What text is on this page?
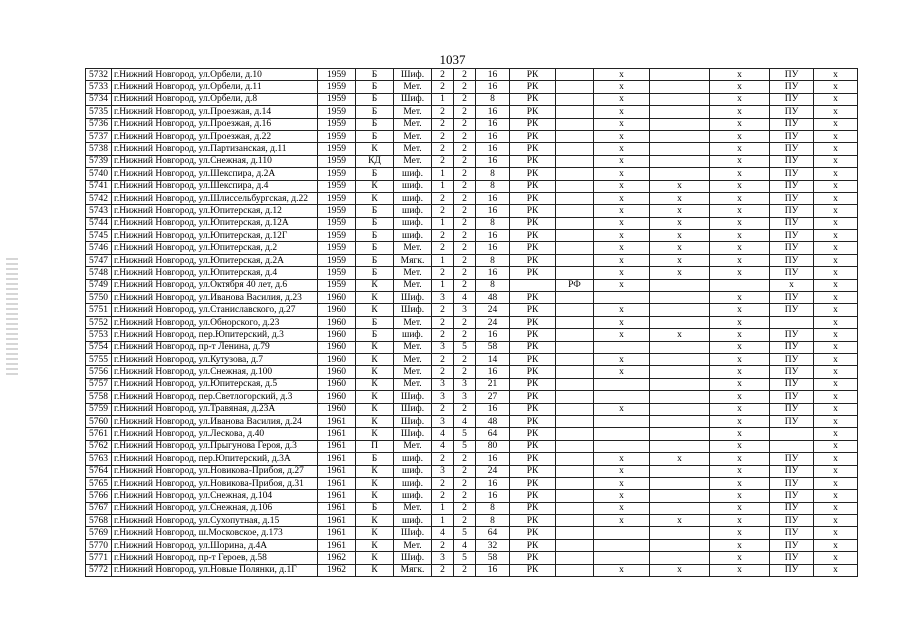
1037
5732	г.Нижний Новгород, ул.Орбели, д.10	1959	Б	Шиф.	2	2	16	РК		x		x	ПУ	x
5733	г.Нижний Новгород, ул.Орбели, д.11	1959	Б	Мет.	2	2	16	РК		x		x	ПУ	x
5734	г.Нижний Новгород, ул.Орбели, д.8	1959	Б	Шиф.	1	2	8	РК		x		x	ПУ	x
5735	г.Нижний Новгород, ул.Проезжая, д.14	1959	Б	Мет.	2	2	16	РК		x		x	ПУ	x
5736	г.Нижний Новгород, ул.Проезжая, д.16	1959	Б	Мет.	2	2	16	РК		x		x	ПУ	x
5737	г.Нижний Новгород, ул.Проезжая, д.22	1959	Б	Мет.	2	2	16	РК		x		x	ПУ	x
5738	г.Нижний Новгород, ул.Партизанская, д.11	1959	К	Мет.	2	2	16	РК		x		x	ПУ	x
5739	г.Нижний Новгород, ул.Снежная, д.110	1959	КД	Мет.	2	2	16	РК		x		x	ПУ	x
5740	г.Нижний Новгород, ул.Шекспира, д.2А	1959	Б	шиф.	1	2	8	РК		x		x	ПУ	x
5741	г.Нижний Новгород, ул.Шекспира, д.4	1959	К	шиф.	1	2	8	РК		x	x	x	ПУ	x
5742	г.Нижний Новгород, ул.Шлиссельбургская, д.22	1959	К	шиф.	2	2	16	РК		x	x	x	ПУ	x
5743	г.Нижний Новгород, ул.Юпитерская, д.12	1959	Б	шиф.	2	2	16	РК		x	x	x	ПУ	x
5744	г.Нижний Новгород, ул.Юпитерская, д.12А	1959	Б	шиф.	1	2	8	РК		x	x	x	ПУ	x
5745	г.Нижний Новгород, ул.Юпитерская, д.12Г	1959	Б	шиф.	2	2	16	РК		x	x	x	ПУ	x
5746	г.Нижний Новгород, ул.Юпитерская, д.2	1959	Б	Мет.	2	2	16	РК		x	x	x	ПУ	x
5747	г.Нижний Новгород, ул.Юпитерская, д.2А	1959	Б	Мягк.	1	2	8	РК		x	x	x	ПУ	x
5748	г.Нижний Новгород, ул.Юпитерская, д.4	1959	Б	Мет.	2	2	16	РК		x	x	x	ПУ	x
5749	г.Нижний Новгород, ул.Октября 40 лет, д.6	1959	К	Мет.	1	2	8		РФ	x			x	x
5750	г.Нижний Новгород, ул.Иванова Василия, д.23	1960	К	Шиф.	3	4	48	РК				x	ПУ	x
5751	г.Нижний Новгород, ул.Станиславского, д.27	1960	К	Шиф.	2	3	24	РК		x		x	ПУ	x
5752	г.Нижний Новгород, ул.Обнорского, д.23	1960	Б	Мет.	2	2	24	РК		x		x		x
5753	г.Нижний Новгород, пер.Юпитерский, д.3	1960	Б	шиф.	2	2	16	РК		x	x	x	ПУ	x
5754	г.Нижний Новгород, пр-т Ленина, д.79	1960	К	Мет.	3	5	58	РК				x	ПУ	x
5755	г.Нижний Новгород, ул.Кутузова, д.7	1960	К	Мет.	2	2	14	РК		x		x	ПУ	x
5756	г.Нижний Новгород, ул.Снежная, д.100	1960	К	Мет.	2	2	16	РК		x		x	ПУ	x
5757	г.Нижний Новгород, ул.Юпитерская, д.5	1960	К	Мет.	3	3	21	РК				x	ПУ	x
5758	г.Нижний Новгород, пер.Светлогорский, д.3	1960	К	Шиф.	3	3	27	РК				x	ПУ	x
5759	г.Нижний Новгород, ул.Травяная, д.23А	1960	К	Шиф.	2	2	16	РК		x		x	ПУ	x
5760	г.Нижний Новгород, ул.Иванова Василия, д.24	1961	К	Шиф.	3	4	48	РК				x	ПУ	x
5761	г.Нижний Новгород, ул.Лескова, д.40	1961	К	Шиф.	4	5	64	РК				x		x
5762	г.Нижний Новгород, ул.Прыгунова Героя, д.3	1961	П	Мет.	4	5	80	РК				x		x
5763	г.Нижний Новгород, пер.Юпитерский, д.3А	1961	Б	шиф.	2	2	16	РК		x	x	x	ПУ	x
5764	г.Нижний Новгород, ул.Новикова-Прибоя, д.27	1961	К	шиф.	3	2	24	РК		x		x	ПУ	x
5765	г.Нижний Новгород, ул.Новикова-Прибоя, д.31	1961	К	шиф.	2	2	16	РК		x		x	ПУ	x
5766	г.Нижний Новгород, ул.Снежная, д.104	1961	К	шиф.	2	2	16	РК		x		x	ПУ	x
5767	г.Нижний Новгород, ул.Снежная, д.106	1961	Б	Мет.	1	2	8	РК		x		x	ПУ	x
5768	г.Нижний Новгород, ул.Сухопутная, д.15	1961	К	шиф.	1	2	8	РК		x	x	x	ПУ	x
5769	г.Нижний Новгород, ш.Московское, д.173	1961	К	Шиф.	4	5	64	РК				x	ПУ	x
5770	г.Нижний Новгород, ул.Шорина, д.4А	1961	К	Мет.	2	4	32	РК				x	ПУ	x
5771	г.Нижний Новгород, пр-т Героев, д.58	1962	К	Шиф.	3	5	58	РК				x	ПУ	x
5772	г.Нижний Новгород, ул.Новые Полянки, д.1Г	1962	К	Мягк.	2	2	16	РК		x	x	x	ПУ	x
